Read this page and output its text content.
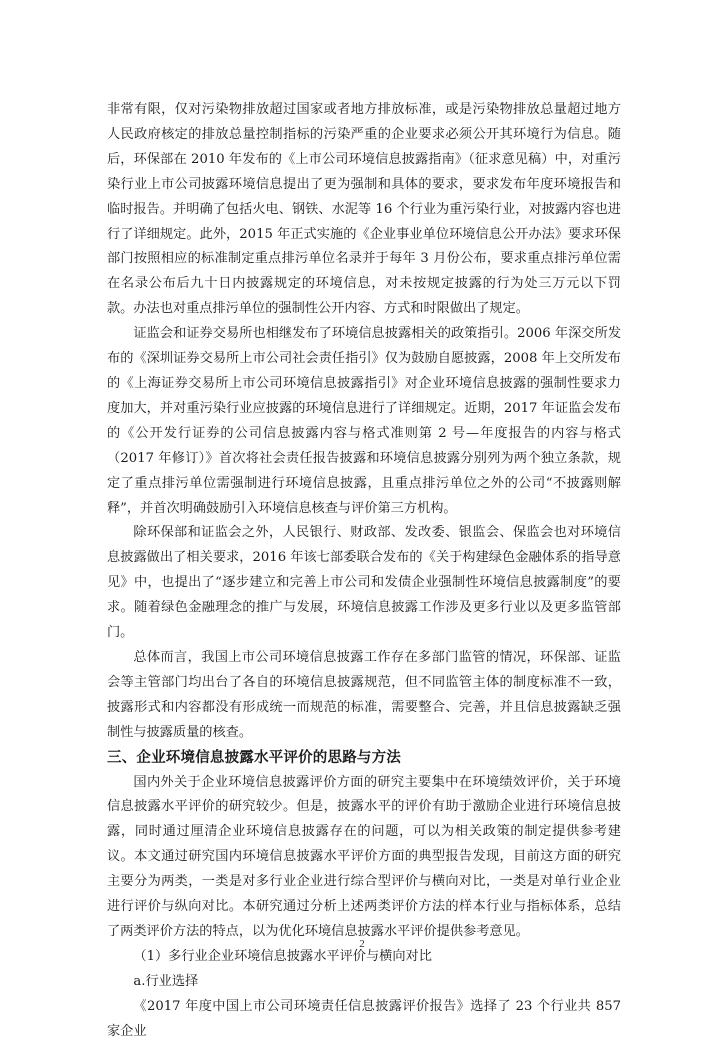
非常有限，仅对污染物排放超过国家或者地方排放标准，或是污染物排放总量超过地方人民政府核定的排放总量控制指标的污染严重的企业要求必须公开其环境行为信息。随后，环保部在 2010 年发布的《上市公司环境信息披露指南》（征求意见稿）中，对重污染行业上市公司披露环境信息提出了更为强制和具体的要求，要求发布年度环境报告和临时报告。并明确了包括火电、钢铁、水泥等 16 个行业为重污染行业，对披露内容也进行了详细规定。此外，2015 年正式实施的《企业事业单位环境信息公开办法》要求环保部门按照相应的标准制定重点排污单位名录并于每年 3 月份公布，要求重点排污单位需在名录公布后九十日内披露规定的环境信息，对未按规定披露的行为处三万元以下罚款。办法也对重点排污单位的强制性公开内容、方式和时限做出了规定。

证监会和证券交易所也相继发布了环境信息披露相关的政策指引。2006 年深交所发布的《深圳证券交易所上市公司社会责任指引》仅为鼓励自愿披露，2008 年上交所发布的《上海证券交易所上市公司环境信息披露指引》对企业环境信息披露的强制性要求力度加大，并对重污染行业应披露的环境信息进行了详细规定。近期，2017 年证监会发布的《公开发行证券的公司信息披露内容与格式准则第 2 号—年度报告的内容与格式（2017 年修订）》首次将社会责任报告披露和环境信息披露分别列为两个独立条款，规定了重点排污单位需强制进行环境信息披露，且重点排污单位之外的公司“不披露则解释”，并首次明确鼓励引入环境信息核查与评价第三方机构。

除环保部和证监会之外，人民银行、财政部、发改委、银监会、保监会也对环境信息披露做出了相关要求，2016 年该七部委联合发布的《关于构建绿色金融体系的指导意见》中，也提出了“逐步建立和完善上市公司和发债企业强制性环境信息披露制度”的要求。随着绿色金融理念的推广与发展，环境信息披露工作涉及更多行业以及更多监管部门。

总体而言，我国上市公司环境信息披露工作存在多部门监管的情况，环保部、证监会等主管部门均出台了各自的环境信息披露规范，但不同监管主体的制度标准不一致，披露形式和内容都没有形成统一而规范的标准，需要整合、完善，并且信息披露缺乏强制性与披露质量的核查。

三、企业环境信息披露水平评价的思路与方法

国内外关于企业环境信息披露评价方面的研究主要集中在环境绩效评价，关于环境信息披露水平评价的研究较少。但是，披露水平的评价有助于激励企业进行环境信息披露，同时通过厘清企业环境信息披露存在的问题，可以为相关政策的制定提供参考建议。本文通过研究国内环境信息披露水平评价方面的典型报告发现，目前这方面的研究主要分为两类，一类是对多行业企业进行综合型评价与横向对比，一类是对单行业企业进行评价与纵向对比。本研究通过分析上述两类评价方法的样本行业与指标体系，总结了两类评价方法的特点，以为优化环境信息披露水平评价提供参考意见。

（1）多行业企业环境信息披露水平评价与横向对比

a.行业选择

《2017 年度中国上市公司环境责任信息披露评价报告》选择了 23 个行业共 857 家企业

2
